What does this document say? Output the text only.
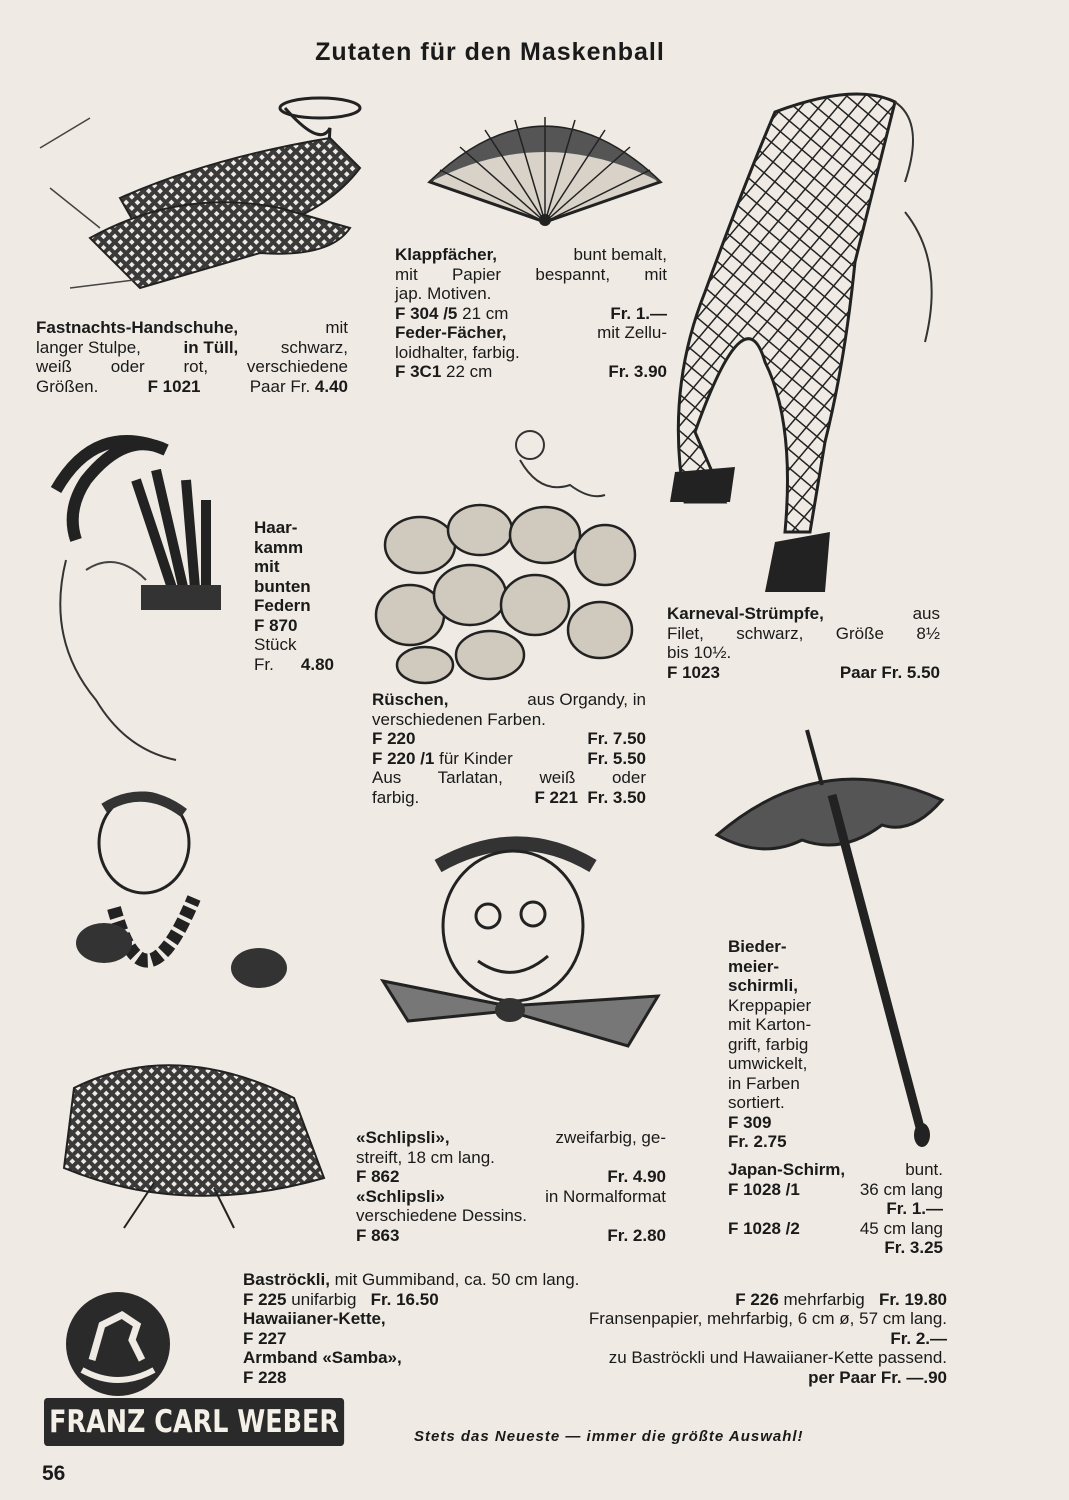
Zutaten für den Maskenball
Fastnachts-Handschuhe,	mit
langer Stulpe,	in Tüll,	schwarz,
weiß oder rot, verschiedene
Größen.	F 1021	Paar Fr. 4.40
Klappfächer,	bunt bemalt,
mit Papier bespannt, mit
jap. Motiven.
F 304 /5 21 cm	Fr. 1.—
Feder-Fächer,	mit Zellu-
loidhalter, farbig.
F 3C1 22 cm	Fr. 3.90
Haar-
kamm
mit
bunten
Federn
F 870
Stück
Fr. 4.80
Karneval-Strümpfe,	aus
Filet, schwarz, Größe 8½
bis 10½.
F 1023	Paar Fr. 5.50
Rüschen,	aus Organdy, in
verschiedenen Farben.
F 220	Fr. 7.50
F 220 /1 für Kinder	Fr. 5.50
Aus Tarlatan, weiß oder
farbig.	F 221 Fr. 3.50
Bieder-
meier-
schirmli,
Kreppapier
mit Karton-
grift, farbig
umwickelt,
in Farben
sortiert.
F 309
Fr. 2.75
Japan-Schirm,	bunt.
F 1028 /1	36 cm lang
Fr. 1.—
F 1028 /2	45 cm lang
Fr. 3.25
«Schlipsli»,	zweifarbig, ge-
streift, 18 cm lang.
F 862	Fr. 4.90
«Schlipsli»	in Normalformat
verschiedene Dessins.
F 863	Fr. 2.80
Baströckli, mit Gummiband, ca. 50 cm lang.
F 225 unifarbig Fr. 16.50	F 226 mehrfarbig Fr. 19.80
Hawaiianer-Kette,	Fransenpapier, mehrfarbig, 6 cm ø, 57 cm lang.
F 227	Fr. 2.—
Armband «Samba»,	zu Baströckli und Hawaiianer-Kette passend.
F 228	per Paar Fr. —.90
FRANZ CARL WEBER	Stets das Neueste — immer die größte Auswahl!
56
